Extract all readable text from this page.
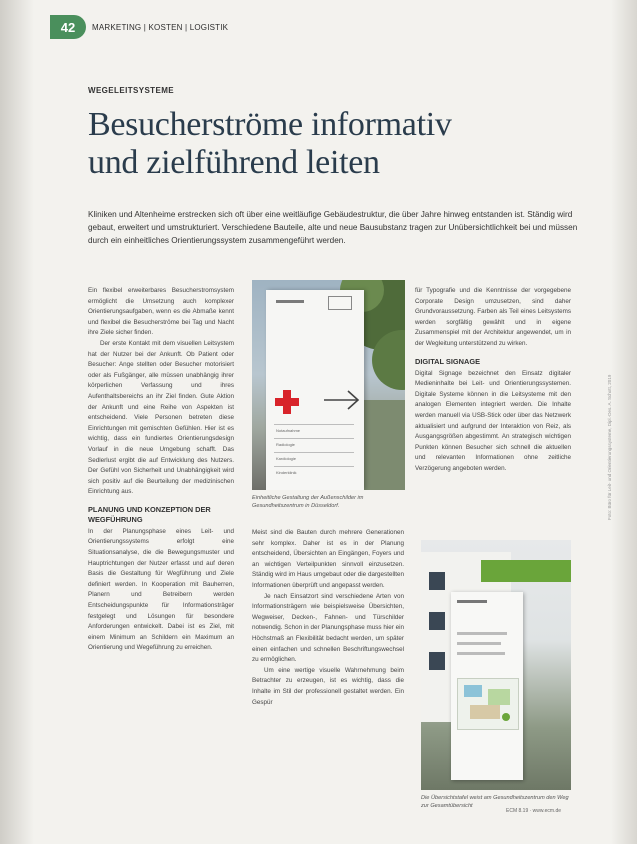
42	MARKETING | KOSTEN | LOGISTIK
WEGELEITSYSTEME
Besucherströme informativ
und zielführend leiten
Kliniken und Altenheime erstrecken sich oft über eine weitläufige Gebäudestruktur, die über Jahre hinweg entstanden ist. Ständig wird gebaut, erweitert und umstrukturiert. Verschiedene Bauteile, alte und neue Bausubstanz tragen zur Unübersichtlichkeit bei und müssen durch ein einheitliches Orientierungssystem zusammengeführt werden.

Ein flexibel erweiterbares Besucherstromsystem ermöglicht die Umsetzung auch komplexer Orientierungsaufgaben, wenn es die Abmaße kennt und flexibel die Besucherströme bei Tag und Nacht ihre Ziele sicher finden.

Der erste Kontakt mit dem visuellen Leitsystem hat der Nutzer bei der Ankunft. Ob Patient oder Besucher: Ange stellten oder Besucher motorisiert oder als Fußgänger, alle müssen unabhängig ihrer körperlichen Verfassung und ihres Aufenthaltsbereichs an ihr Ziel finden. Gute Aktion der Ankunft und eine Reihe von Aspekten ist entscheidend. Viele Personen betreten diese Einrichtungen mit gemischten Gefühlen. Hier ist es wichtig, dass ein fundiertes Orientierungsdesign Vorlauf in die neue Umgebung schafft. Das Sedlerlust ergibt die auf Entwicklung des Nutzers. Der Gefühl von Sicherheit und Unabhängigkeit wird sich positiv auf die Beurteilung der medizinischen Einrichtung aus.

PLANUNG UND KONZEPTION DER WEGFÜHRUNG

In der Planungsphase eines Leit- und Orientierungssystems erfolgt eine Situationsanalyse, die die Bewegungsmuster und Hauptrichtungen der Nutzer erfasst und auf deren Basis die Gestaltung für Wegführung und Ziele definiert werden. In Kooperation mit Bauherren, Planern und Betreibern werden Entscheidungspunkte für Informationsträger festgelegt und Lösungen für besondere Anforderungen entwickelt. Dabei ist es Ziel, mit einem Minimum an Schildern ein Maximum an Orientierung und Wegeführung zu erreichen.

Notaufnahme
Radiologie
Kardiologie
Kinderklinik
Einheitliche Gestaltung der Außenschilder im Gesundheitszentrum in Düsseldorf.

Meist sind die Bauten durch mehrere Generationen sehr komplex. Daher ist es in der Planung entscheidend, Übersichten an Eingängen, Foyers und an wichtigen Verteilpunkten sinnvoll einzusetzen. Ständig wird im Haus umgebaut oder die dargestellten Informationen überprüft und angepasst werden.

Je nach Einsatzort sind verschiedene Arten von Informationsträgern wie beispielsweise Übersichten, Wegweiser, Decken-, Fahnen- und Türschilder notwendig. Schon in der Planungsphase muss hier ein Höchstmaß an Flexibilität bedacht werden, um später einen einfachen und schnellen Beschriftungswechsel zu ermöglichen.

Um eine wertige visuelle Wahrnehmung beim Betrachter zu erzeugen, ist es wichtig, dass die Inhalte im Stil der professionell gestaltet werden. Ein Gespür

für Typografie und die Kenntnisse der vorgegebene Corporate Design umzusetzen, sind daher Grundvoraussetzung. Farben als Teil eines Leitsystems werden sorgfältig gewählt und in eigene Zusammenspiel mit der Architektur angewendet, um in der Wegleitung unterstützend zu wirken.

DIGITAL SIGNAGE

Digital Signage bezeichnet den Einsatz digitaler Medieninhalte bei Leit- und Orientierungssystemen. Digitale Systeme können in die Leitsysteme mit den analogen Elementen integriert werden. Die Inhalte werden manuell via USB-Stick oder über das Netzwerk aktualisiert und aufgrund der Interaktion von Reiz, als Ausgangsgrößen abgestimmt. An strategisch wichtigen Punkten können Besucher sich schnell die aktuellen und relevanten Informationen ohne zeitliche Verzögerung angeboten werden.

Die Übersichtstafel weist am Gesundheitszentrum den Weg zur Gesamtübersicht
ECM 8.19 · www.ecm.de
Foto: Büro für Leit- und Orientierungssysteme, Dipl.-Des. A. Schott, 2019
